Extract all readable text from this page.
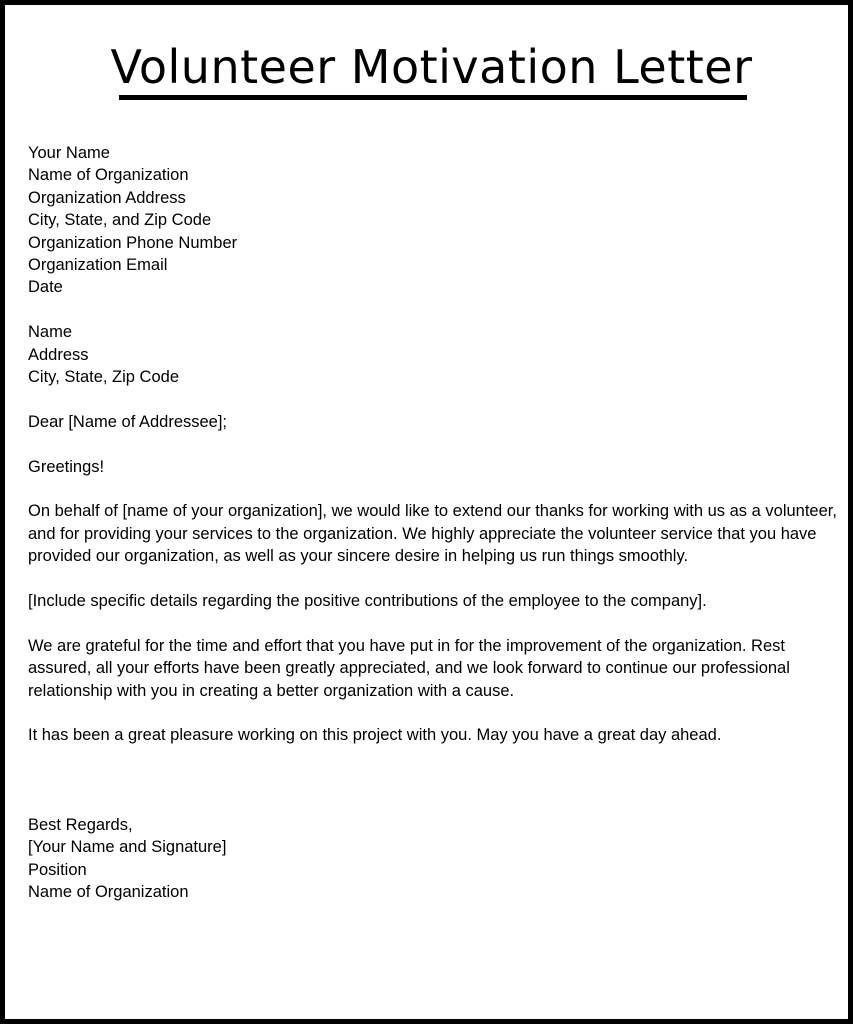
Volunteer Motivation Letter
Your Name
Name of Organization
Organization Address
City, State, and Zip Code
Organization Phone Number
Organization Email
Date
Name
Address
City, State, Zip Code
Dear [Name of Addressee];
Greetings!
On behalf of [name of your organization], we would like to extend our thanks for working with us as a volunteer, and for providing your services to the organization. We highly appreciate the volunteer service that you have provided our organization, as well as your sincere desire in helping us run things smoothly.
[Include specific details regarding the positive contributions of the employee to the company].
We are grateful for the time and effort that you have put in for the improvement of the organization. Rest assured, all your efforts have been greatly appreciated, and we look forward to continue our professional relationship with you in creating a better organization with a cause.
It has been a great pleasure working on this project with you. May you have a great day ahead.
Best Regards,
[Your Name and Signature]
Position
Name of Organization
